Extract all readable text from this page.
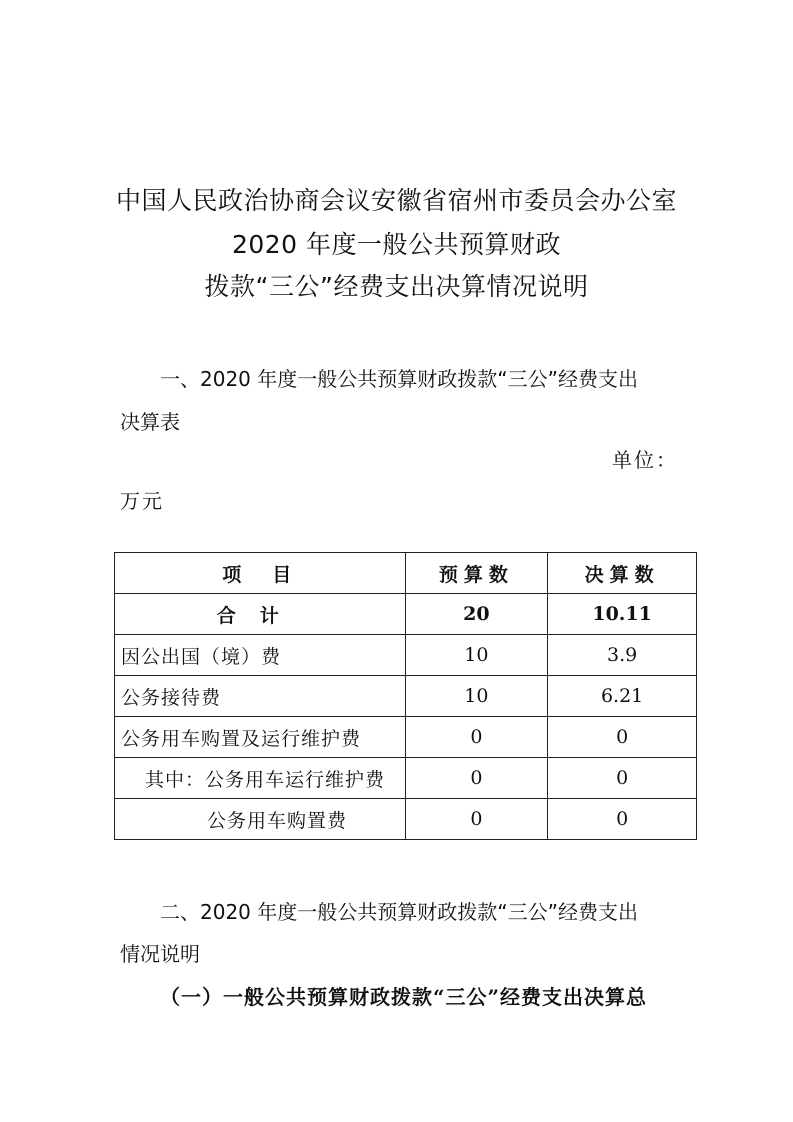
中国人民政治协商会议安徽省宿州市委员会办公室
2020 年度一般公共预算财政
拨款“三公”经费支出决算情况说明
一、2020 年度一般公共预算财政拨款“三公”经费支出
决算表
单位：
万元
项　目	预算数	决算数
合计	20	10.11
因公出国（境）费	10	3.9
公务接待费	10	6.21
公务用车购置及运行维护费	0	0
其中：公务用车运行维护费	0	0
公务用车购置费	0	0
二、2020 年度一般公共预算财政拨款“三公”经费支出
情况说明
（一）一般公共预算财政拨款“三公”经费支出决算总
